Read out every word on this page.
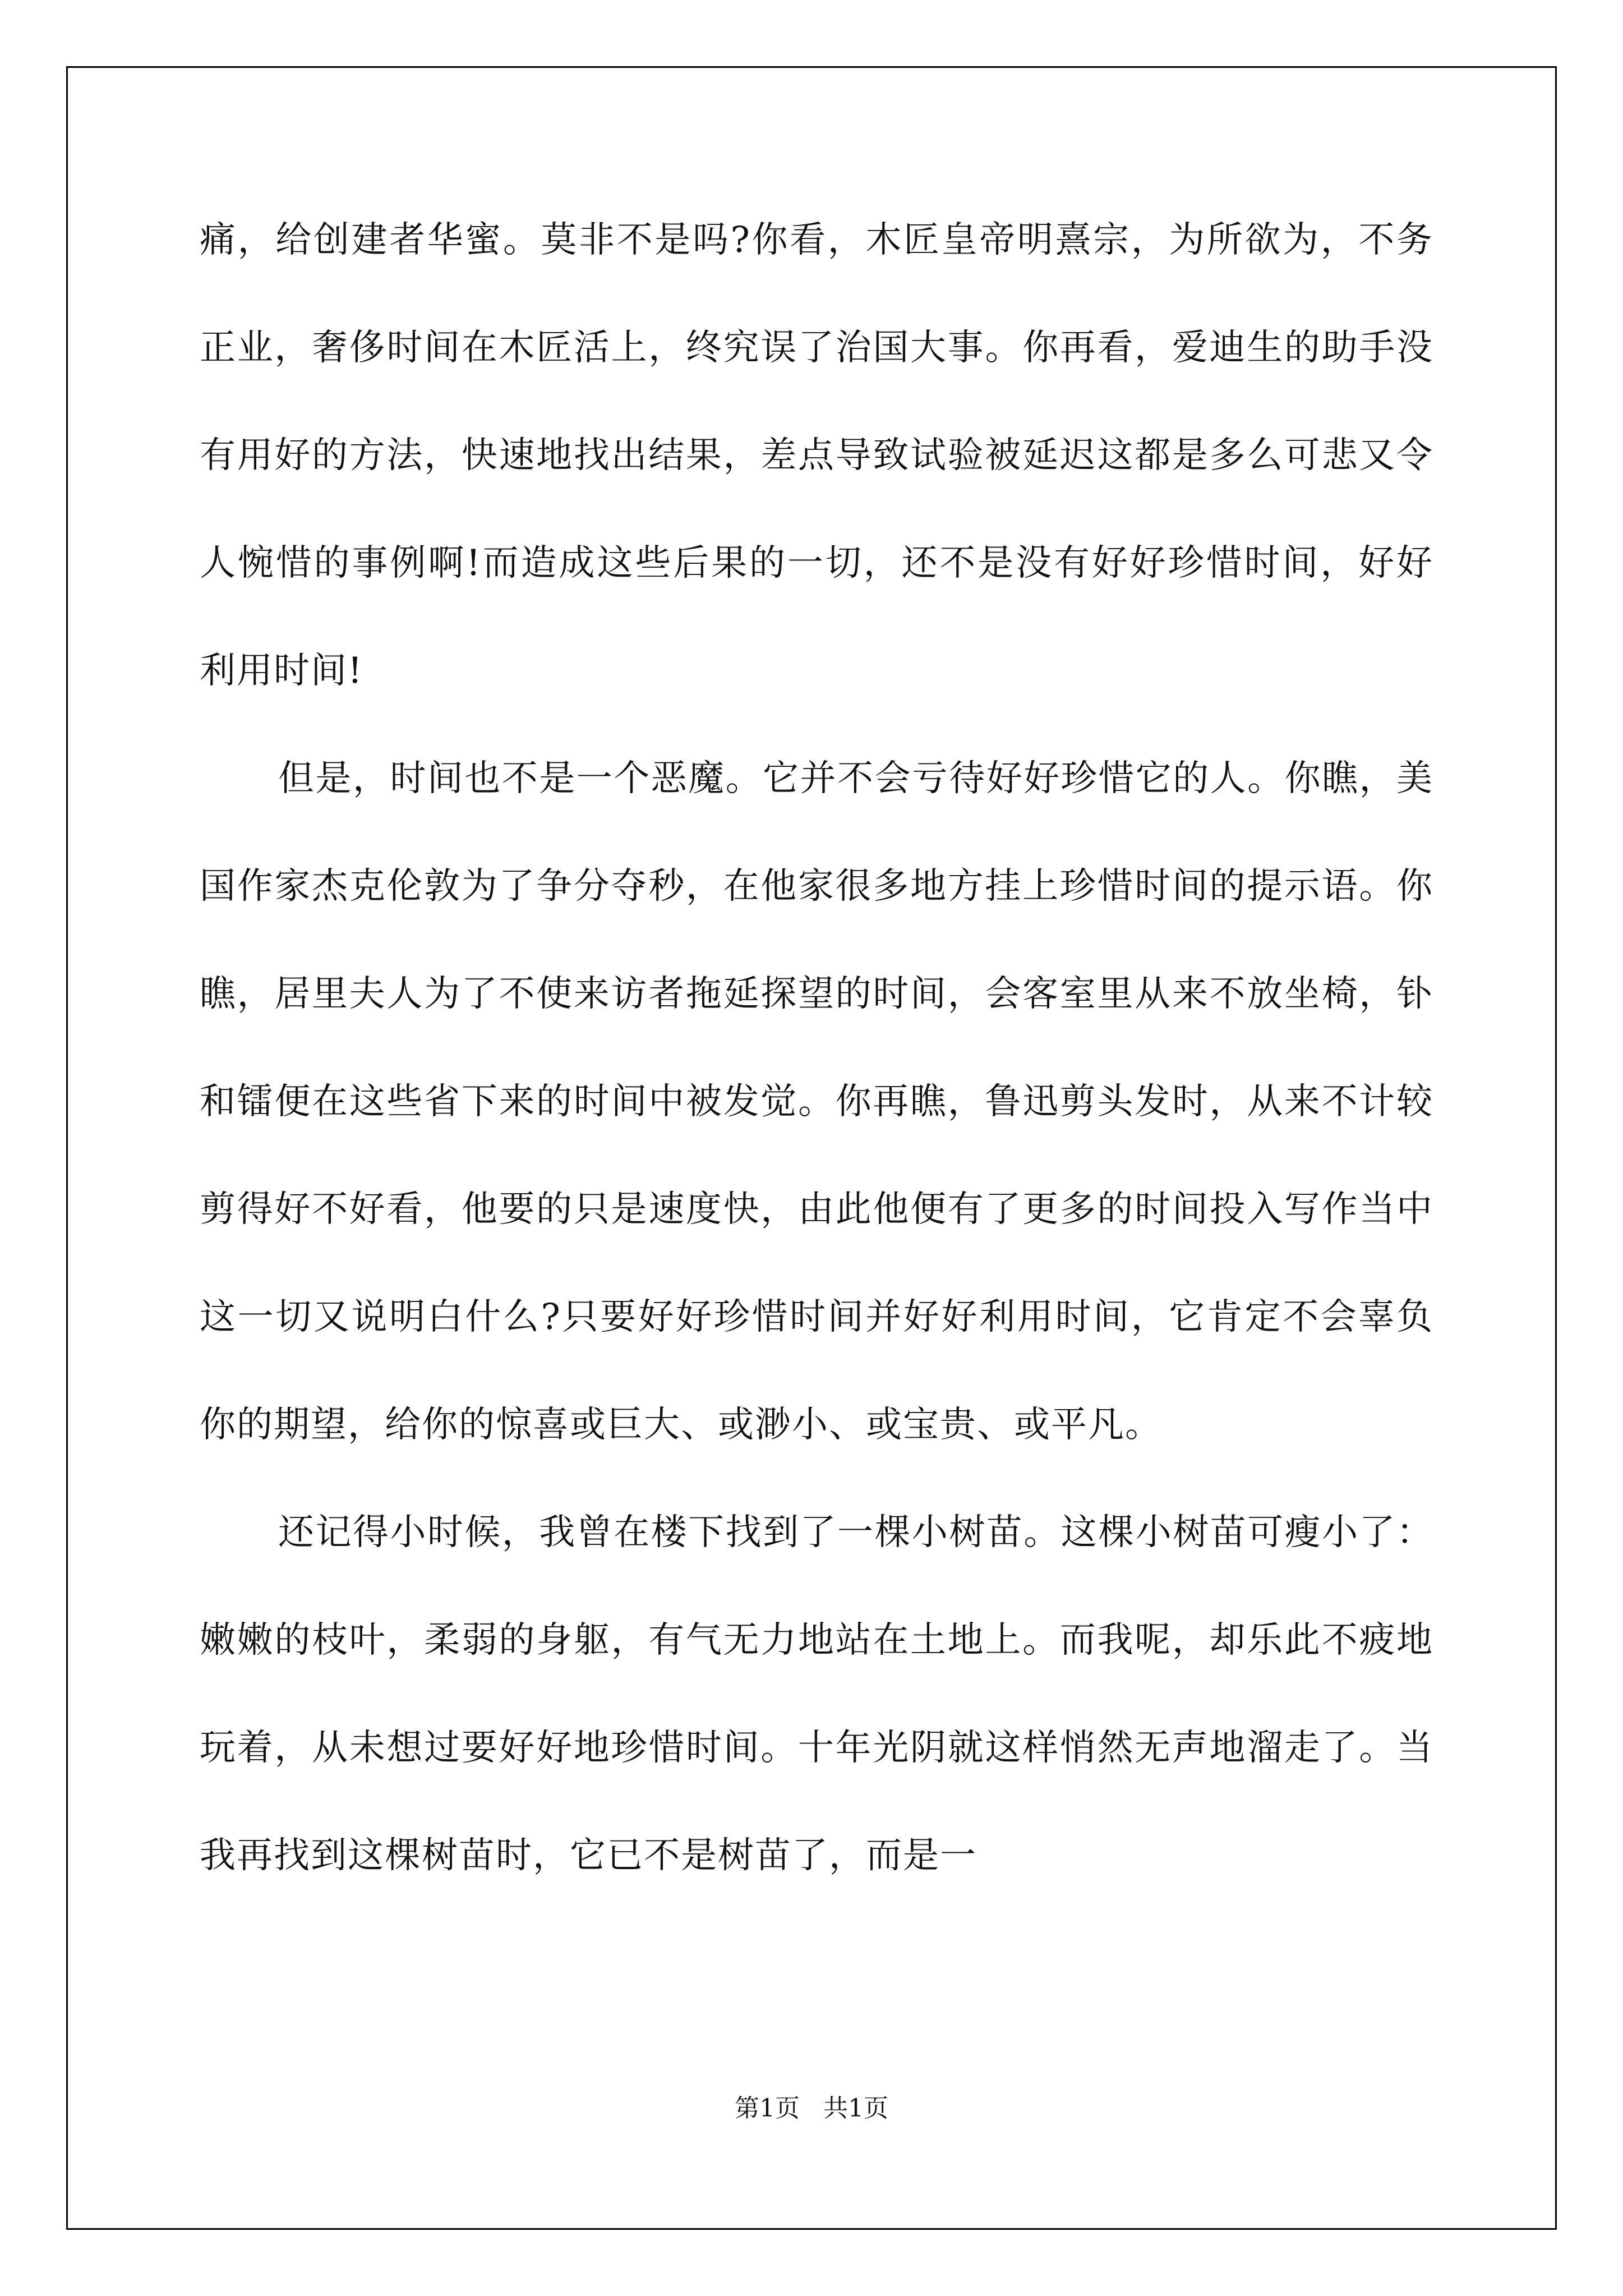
痛，给创建者华蜜。莫非不是吗?你看，木匠皇帝明熹宗，为所欲为，不务正业，奢侈时间在木匠活上，终究误了治国大事。你再看，爱迪生的助手没有用好的方法，快速地找出结果，差点导致试验被延迟这都是多么可悲又令人惋惜的事例啊!而造成这些后果的一切，还不是没有好好珍惜时间，好好利用时间!

但是，时间也不是一个恶魔。它并不会亏待好好珍惜它的人。你瞧，美国作家杰克伦敦为了争分夺秒，在他家很多地方挂上珍惜时间的提示语。你瞧，居里夫人为了不使来访者拖延探望的时间，会客室里从来不放坐椅，钋和镭便在这些省下来的时间中被发觉。你再瞧，鲁迅剪头发时，从来不计较剪得好不好看，他要的只是速度快，由此他便有了更多的时间投入写作当中这一切又说明白什么?只要好好珍惜时间并好好利用时间，它肯定不会辜负你的期望，给你的惊喜或巨大、或渺小、或宝贵、或平凡。

还记得小时候，我曾在楼下找到了一棵小树苗。这棵小树苗可瘦小了：嫩嫩的枝叶，柔弱的身躯，有气无力地站在土地上。而我呢，却乐此不疲地玩着，从未想过要好好地珍惜时间。十年光阴就这样悄然无声地溜走了。当我再找到这棵树苗时，它已不是树苗了，而是一

第1页   共1页
